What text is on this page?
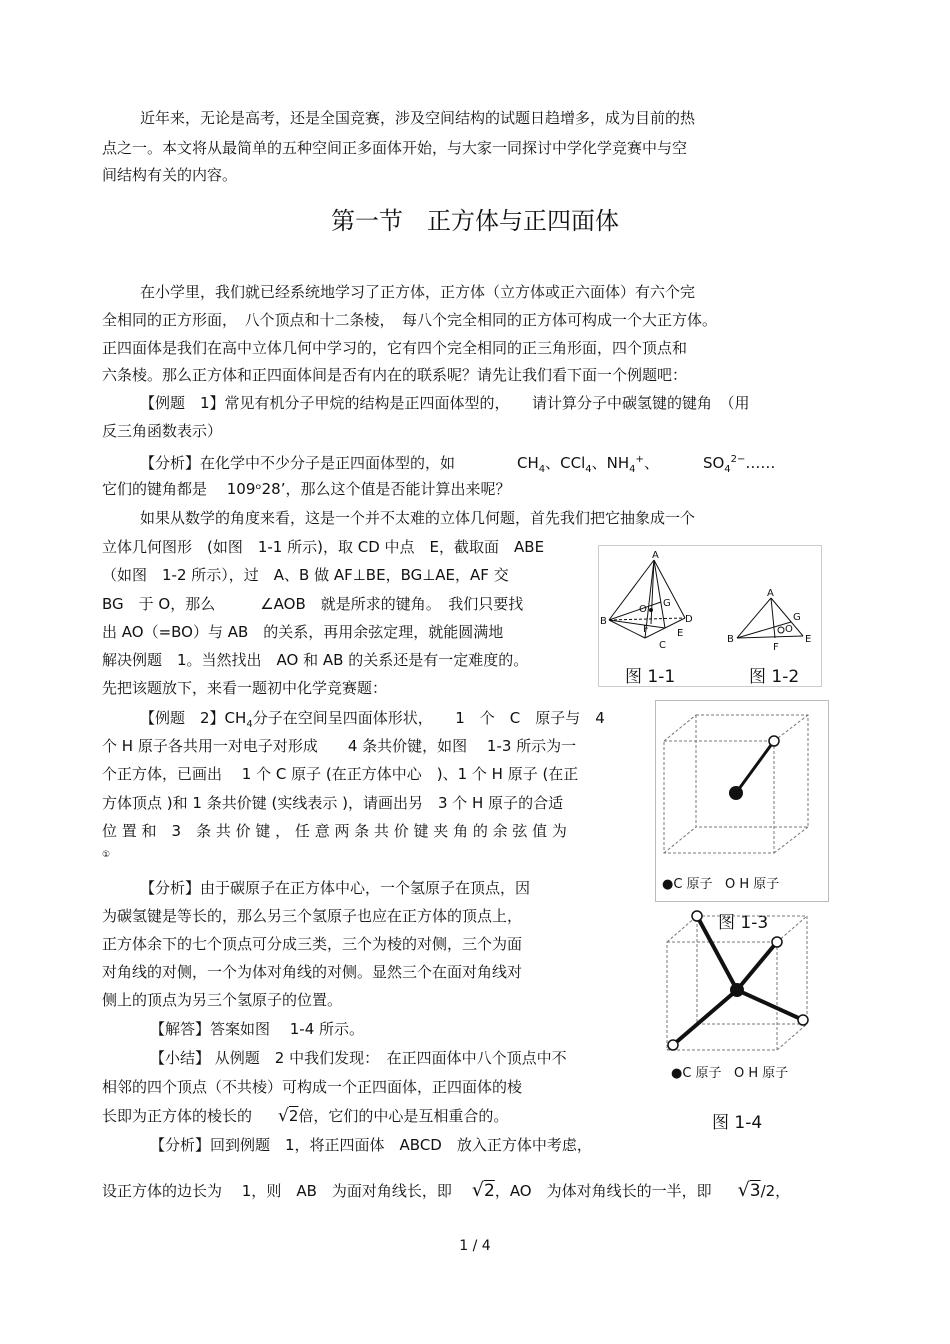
近年来，无论是高考，还是全国竞赛，涉及空间结构的试题日趋增多，成为目前的热
点之一。本文将从最简单的五种空间正多面体开始，与大家一同探讨中学化学竞赛中与空
间结构有关的内容。
第一节　正方体与正四面体
在小学里，我们就已经系统地学习了正方体，正方体（立方体或正六面体）有六个完
全相同的正方形面，　八个顶点和十二条棱，　每八个完全相同的正方体可构成一个大正方体。
正四面体是我们在高中立体几何中学习的，它有四个完全相同的正三角形面，四个顶点和
六条棱。那么正方体和正四面体间是否有内在的联系呢？请先让我们看下面一个例题吧：
【例题　1】常见有机分子甲烷的结构是正四面体型的，　　请计算分子中碳氢键的键角　（用
反三角函数表示）
【分析】在化学中不少分子是正四面体型的，如	$CH_4$、CCl$_4$、$NH_4^+$、	$SO_4^{2-}\dots\dots$
它们的键角都是　 109ᵒ28’，那么这个值是否能计算出来呢？
如果从数学的角度来看，这是一个并不太难的立体几何题，首先我们把它抽象成一个
立体几何图形　(如图　1-1 所示)，取 CD 中点　E，截取面　ABE
（如图　1-2 所示），过　A、B 做 AF⊥BE，BG⊥AE，AF 交
BG　于 O，那么　　　∠AOB　就是所求的键角。　我们只要找
出 AO（=BO）与 AB　的关系，再用余弦定理，就能圆满地
解决例题　1。当然找出　AO 和 AB 的关系还是有一定难度的。
先把该题放下，来看一题初中化学竞赛题：
A
B
C
D
E
F
G
O
A
B	E
F
O
G
图 1-1	图 1-2
【例题　2】$CH_4$分子在空间呈四面体形状，　　1　个　C　原子与　4
个 H 原子各共用一对电子对形成　　4 条共价键，如图　 1-3 所示为一
个正方体，已画出　 1 个 C 原子 (在正方体中心　)、1 个 H 原子 (在正
方体顶点 )和 1 条共价键 (实线表示 )，请画出另　3 个 H 原子的合适
位 置 和　3　条 共 价 键 ， 任 意 两 条 共 价 键 夹 角 的 余 弦 值 为
①
●C 原子 O H 原子
图 1-3
【分析】由于碳原子在正方体中心，一个氢原子在顶点，因
为碳氢键是等长的，那么另三个氢原子也应在正方体的顶点上，
正方体余下的七个顶点可分成三类，三个为棱的对侧，三个为面
对角线的对侧，一个为体对角线的对侧。显然三个在面对角线对
侧上的顶点为另三个氢原子的位置。
【解答】答案如图　 1-4 所示。
●C 原子 O H 原子
图 1-4
【小结】 从例题　2 中我们发现：　在正四面体中八个顶点中不
相邻的四个顶点（不共棱）可构成一个正四面体，正四面体的棱
长即为正方体的棱长的 √2倍，它们的中心是互相重合的。
【分析】回到例题　1，将正四面体　ABCD　放入正方体中考虑，
设正方体的边长为　 1，则　AB　为面对角线长，即 √2，AO　为体对角线长的一半，即 √3/2，
1 / 4
